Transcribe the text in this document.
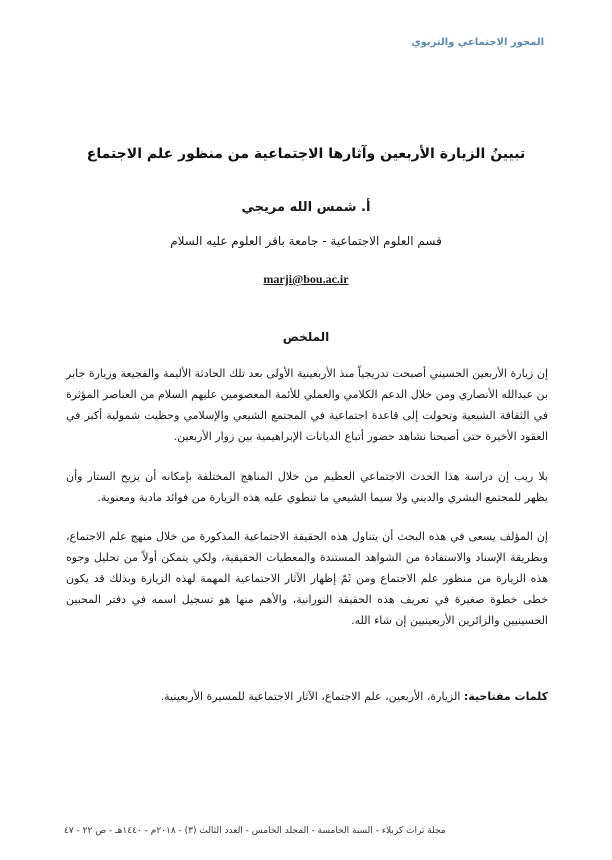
المحور الاجتماعي والتربوي
تبيينُ الزيارة الأربعين وآثارها الاجتماعية من منظور علم الاجتماع
أ. شمس الله مريجي
قسم العلوم الاجتماعية - جامعة باقر العلوم عليه السلام
marji@bou.ac.ir
الملخص

إن زيارة الأربعين الحسيني أصبحت تدريجياً منذ الأربعينية الأولى بعد تلك الحادثة الأليمة والفجيعة وزيارة جابر بن عبدالله الأنصاري ومن خلال الدعم الكلامي والعملي للأئمة المعصومين عليهم السلام من العناصر المؤثرة في الثقافة الشيعية وتحولت إلى قاعدة اجتماعية في المجتمع الشيعي والإسلامي وحظيت شمولية أكبر في العقود الأخيرة حتى أصبحنا نشاهد حضور أتباع الديانات الإبراهيمية بين زوار الأربعين.

بلا ريب إن دراسة هذا الحدث الاجتماعي العظيم من خلال المناهج المختلفة بإمكانه أن يزيح الستار وأن يظهر للمجتمع البشري والديني ولا سيما الشيعي ما تنطوي عليه هذه الزيارة من فوائد مادية ومعنوية.

إن المؤلف يسعى في هذه البحث أن يتناول هذه الحقيقة الاجتماعية المذكورة من خلال منهج علم الاجتماع، وبطريقة الإسناد والاستفادة من الشواهد المستندة والمعطيات الحقيقية، ولكي يتمكن أولاً من تحليل وجوه هذه الزيارة من منظور علم الاجتماع ومن ثَمّ إظهار الآثار الاجتماعية المهمة لهذه الزيارة وبذلك قد يكون خطى خطوة صغيرة في تعريف هذه الحقيقة النورانية، والأهم منها هو تسجيل اسمه في دفتر المحبين الحسينيين والزائرين الأربعينيين إن شاء الله.

كلمات مفتاحية: الزيارة، الأربعين، علم الاجتماع، الآثار الاجتماعية للمسيرة الأربعينية.
مجلة تراث كربلاء - السنة الخامسة - المجلد الخامس - العدد الثالث (٣) - ٢٠١٨م - ١٤٤٠هـ - ص ٢٢ - ٤٧
